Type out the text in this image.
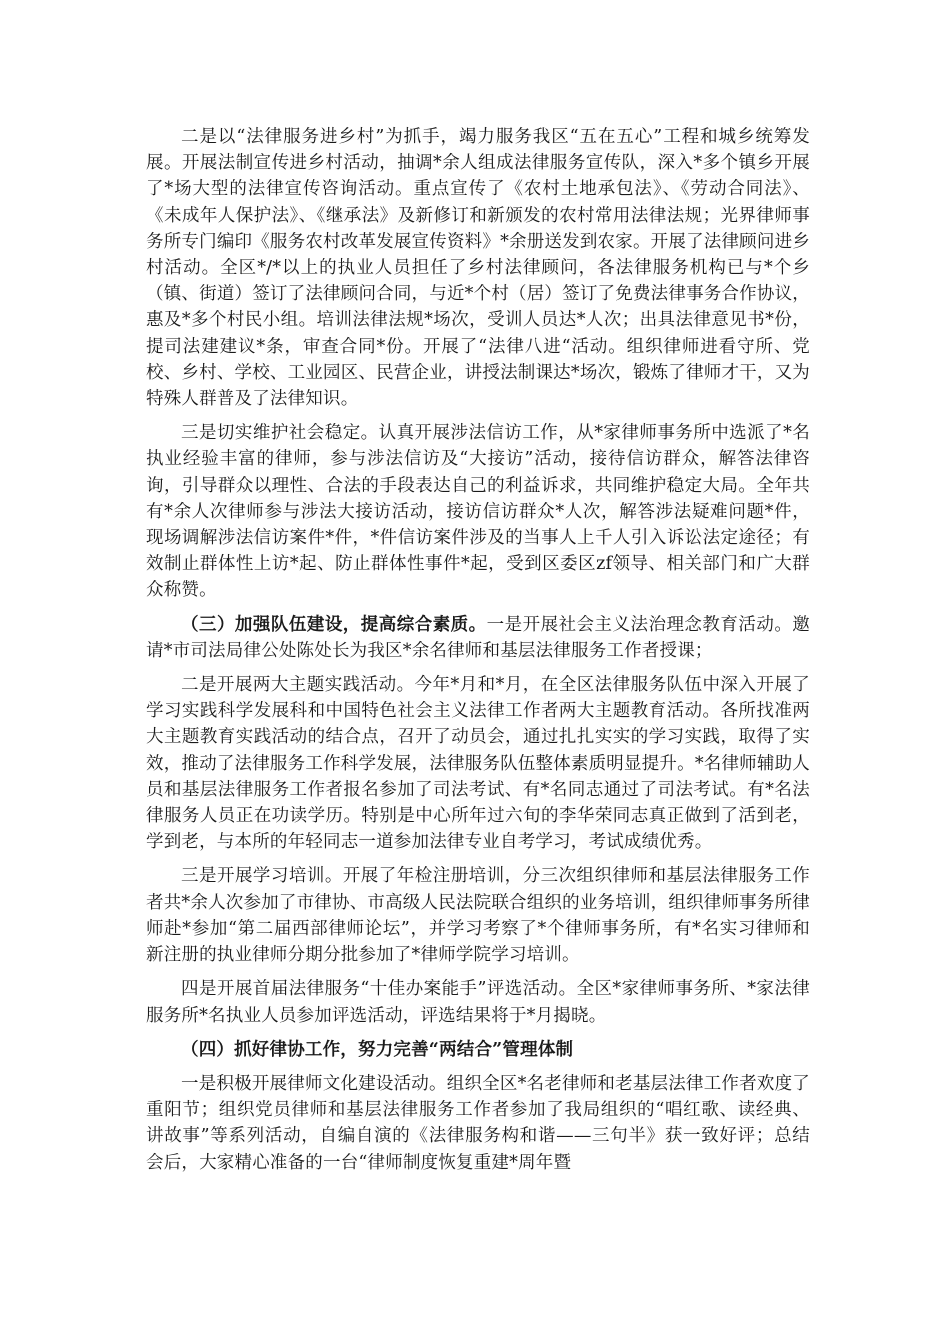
二是以“法律服务进乡村”为抓手，竭力服务我区“五在五心”工程和城乡统筹发展。开展法制宣传进乡村活动，抽调*余人组成法律服务宣传队，深入*多个镇乡开展了*场大型的法律宣传咨询活动。重点宣传了《农村土地承包法》、《劳动合同法》、《未成年人保护法》、《继承法》及新修订和新颁发的农村常用法律法规；光界律师事务所专门编印《服务农村改革发展宣传资料》*余册送发到农家。开展了法律顾问进乡村活动。全区*/*以上的执业人员担任了乡村法律顾问，各法律服务机构已与*个乡（镇、街道）签订了法律顾问合同，与近*个村（居）签订了免费法律事务合作协议，惠及*多个村民小组。培训法律法规*场次，受训人员达*人次；出具法律意见书*份，提司法建建议*条，审查合同*份。开展了“法律八进“活动。组织律师进看守所、党校、乡村、学校、工业园区、民营企业，讲授法制课达*场次，锻炼了律师才干，又为特殊人群普及了法律知识。

三是切实维护社会稳定。认真开展涉法信访工作，从*家律师事务所中选派了*名执业经验丰富的律师，参与涉法信访及“大接访”活动，接待信访群众，解答法律咨询，引导群众以理性、合法的手段表达自己的利益诉求，共同维护稳定大局。全年共有*余人次律师参与涉法大接访活动，接访信访群众*人次，解答涉法疑难问题*件，现场调解涉法信访案件*件，*件信访案件涉及的当事人上千人引入诉讼法定途径；有效制止群体性上访*起、防止群体性事件*起，受到区委区zf领导、相关部门和广大群众称赞。

（三）加强队伍建设，提高综合素质。一是开展社会主义法治理念教育活动。邀请*市司法局律公处陈处长为我区*余名律师和基层法律服务工作者授课；

二是开展两大主题实践活动。今年*月和*月，在全区法律服务队伍中深入开展了学习实践科学发展科和中国特色社会主义法律工作者两大主题教育活动。各所找准两大主题教育实践活动的结合点，召开了动员会，通过扎扎实实的学习实践，取得了实效，推动了法律服务工作科学发展，法律服务队伍整体素质明显提升。*名律师辅助人员和基层法律服务工作者报名参加了司法考试、有*名同志通过了司法考试。有*名法律服务人员正在功读学历。特别是中心所年过六旬的李华荣同志真正做到了活到老，学到老，与本所的年轻同志一道参加法律专业自考学习，考试成绩优秀。

三是开展学习培训。开展了年检注册培训，分三次组织律师和基层法律服务工作者共*余人次参加了市律协、市高级人民法院联合组织的业务培训，组织律师事务所律师赴*参加“第二届西部律师论坛”，并学习考察了*个律师事务所，有*名实习律师和新注册的执业律师分期分批参加了*律师学院学习培训。

四是开展首届法律服务“十佳办案能手”评选活动。全区*家律师事务所、*家法律服务所*名执业人员参加评选活动，评选结果将于*月揭晓。

（四）抓好律协工作，努力完善“两结合”管理体制

一是积极开展律师文化建设活动。组织全区*名老律师和老基层法律工作者欢度了重阳节；组织党员律师和基层法律服务工作者参加了我局组织的“唱红歌、读经典、讲故事”等系列活动，自编自演的《法律服务构和谐——三句半》获一致好评；总结会后，大家精心准备的一台“律师制度恢复重建*周年暨
